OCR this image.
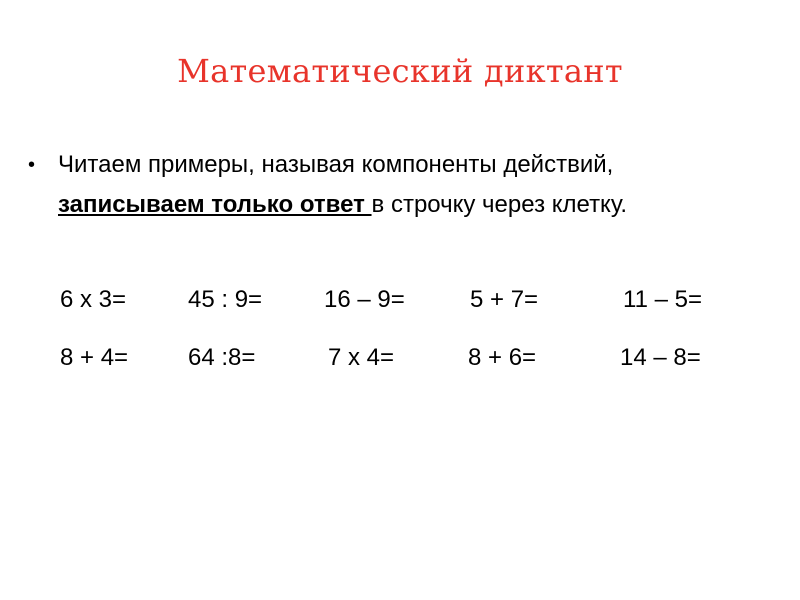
Математический диктант
• Читаем примеры, называя компоненты действий, записываем только ответ в строчку через клетку.
6 х 3=	45 : 9=	16 – 9=	5 + 7=	11 – 5=
8 + 4= 64 :8=	7 х 4=	8 + 6=	14 – 8=
